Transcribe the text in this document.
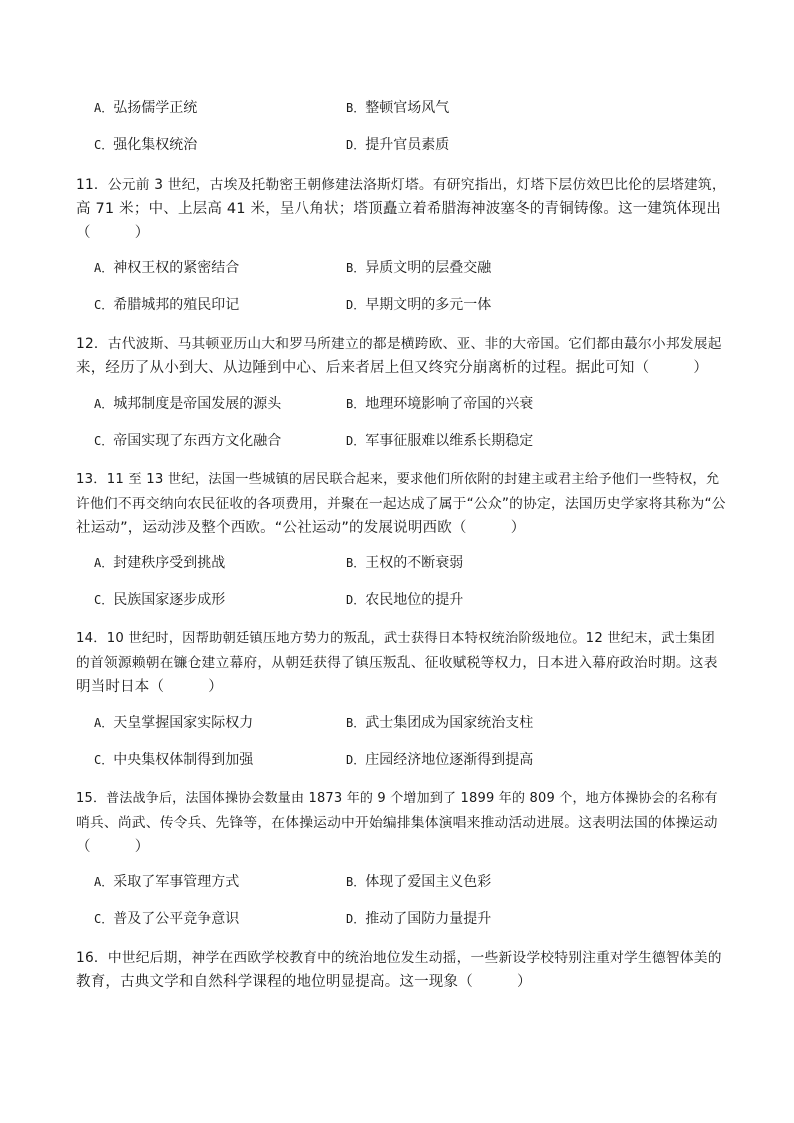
A．弘扬儒学正统	B．整顿官场风气
C．强化集权统治	D．提升官员素质
11．公元前 3 世纪，古埃及托勒密王朝修建法洛斯灯塔。有研究指出，灯塔下层仿效巴比伦的层塔建筑，
高 71 米；中、上层高 41 米，呈八角状；塔顶矗立着希腊海神波塞冬的青铜铸像。这一建筑体现出
（　　　）
A．神权王权的紧密结合	B．异质文明的层叠交融
C．希腊城邦的殖民印记	D．早期文明的多元一体
12．古代波斯、马其顿亚历山大和罗马所建立的都是横跨欧、亚、非的大帝国。它们都由蕞尔小邦发展起
来，经历了从小到大、从边陲到中心、后来者居上但又终究分崩离析的过程。据此可知（　　　）
A．城邦制度是帝国发展的源头	B．地理环境影响了帝国的兴衰
C．帝国实现了东西方文化融合	D．军事征服难以维系长期稳定
13．11 至 13 世纪，法国一些城镇的居民联合起来，要求他们所依附的封建主或君主给予他们一些特权，允
许他们不再交纳向农民征收的各项费用，并聚在一起达成了属于“公众”的协定，法国历史学家将其称为“公
社运动”，运动涉及整个西欧。“公社运动”的发展说明西欧（　　　）
A．封建秩序受到挑战	B．王权的不断衰弱
C．民族国家逐步成形	D．农民地位的提升
14．10 世纪时，因帮助朝廷镇压地方势力的叛乱，武士获得日本特权统治阶级地位。12 世纪末，武士集团
的首领源赖朝在镰仓建立幕府，从朝廷获得了镇压叛乱、征收赋税等权力，日本进入幕府政治时期。这表
明当时日本（　　　）
A．天皇掌握国家实际权力	B．武士集团成为国家统治支柱
C．中央集权体制得到加强	D．庄园经济地位逐渐得到提高
15．普法战争后，法国体操协会数量由 1873 年的 9 个增加到了 1899 年的 809 个，地方体操协会的名称有
哨兵、尚武、传令兵、先锋等，在体操运动中开始编排集体演唱来推动活动进展。这表明法国的体操运动
（　　　）
A．采取了军事管理方式	B．体现了爱国主义色彩
C．普及了公平竞争意识	D．推动了国防力量提升
16．中世纪后期，神学在西欧学校教育中的统治地位发生动摇，一些新设学校特别注重对学生德智体美的
教育，古典文学和自然科学课程的地位明显提高。这一现象（　　　）
